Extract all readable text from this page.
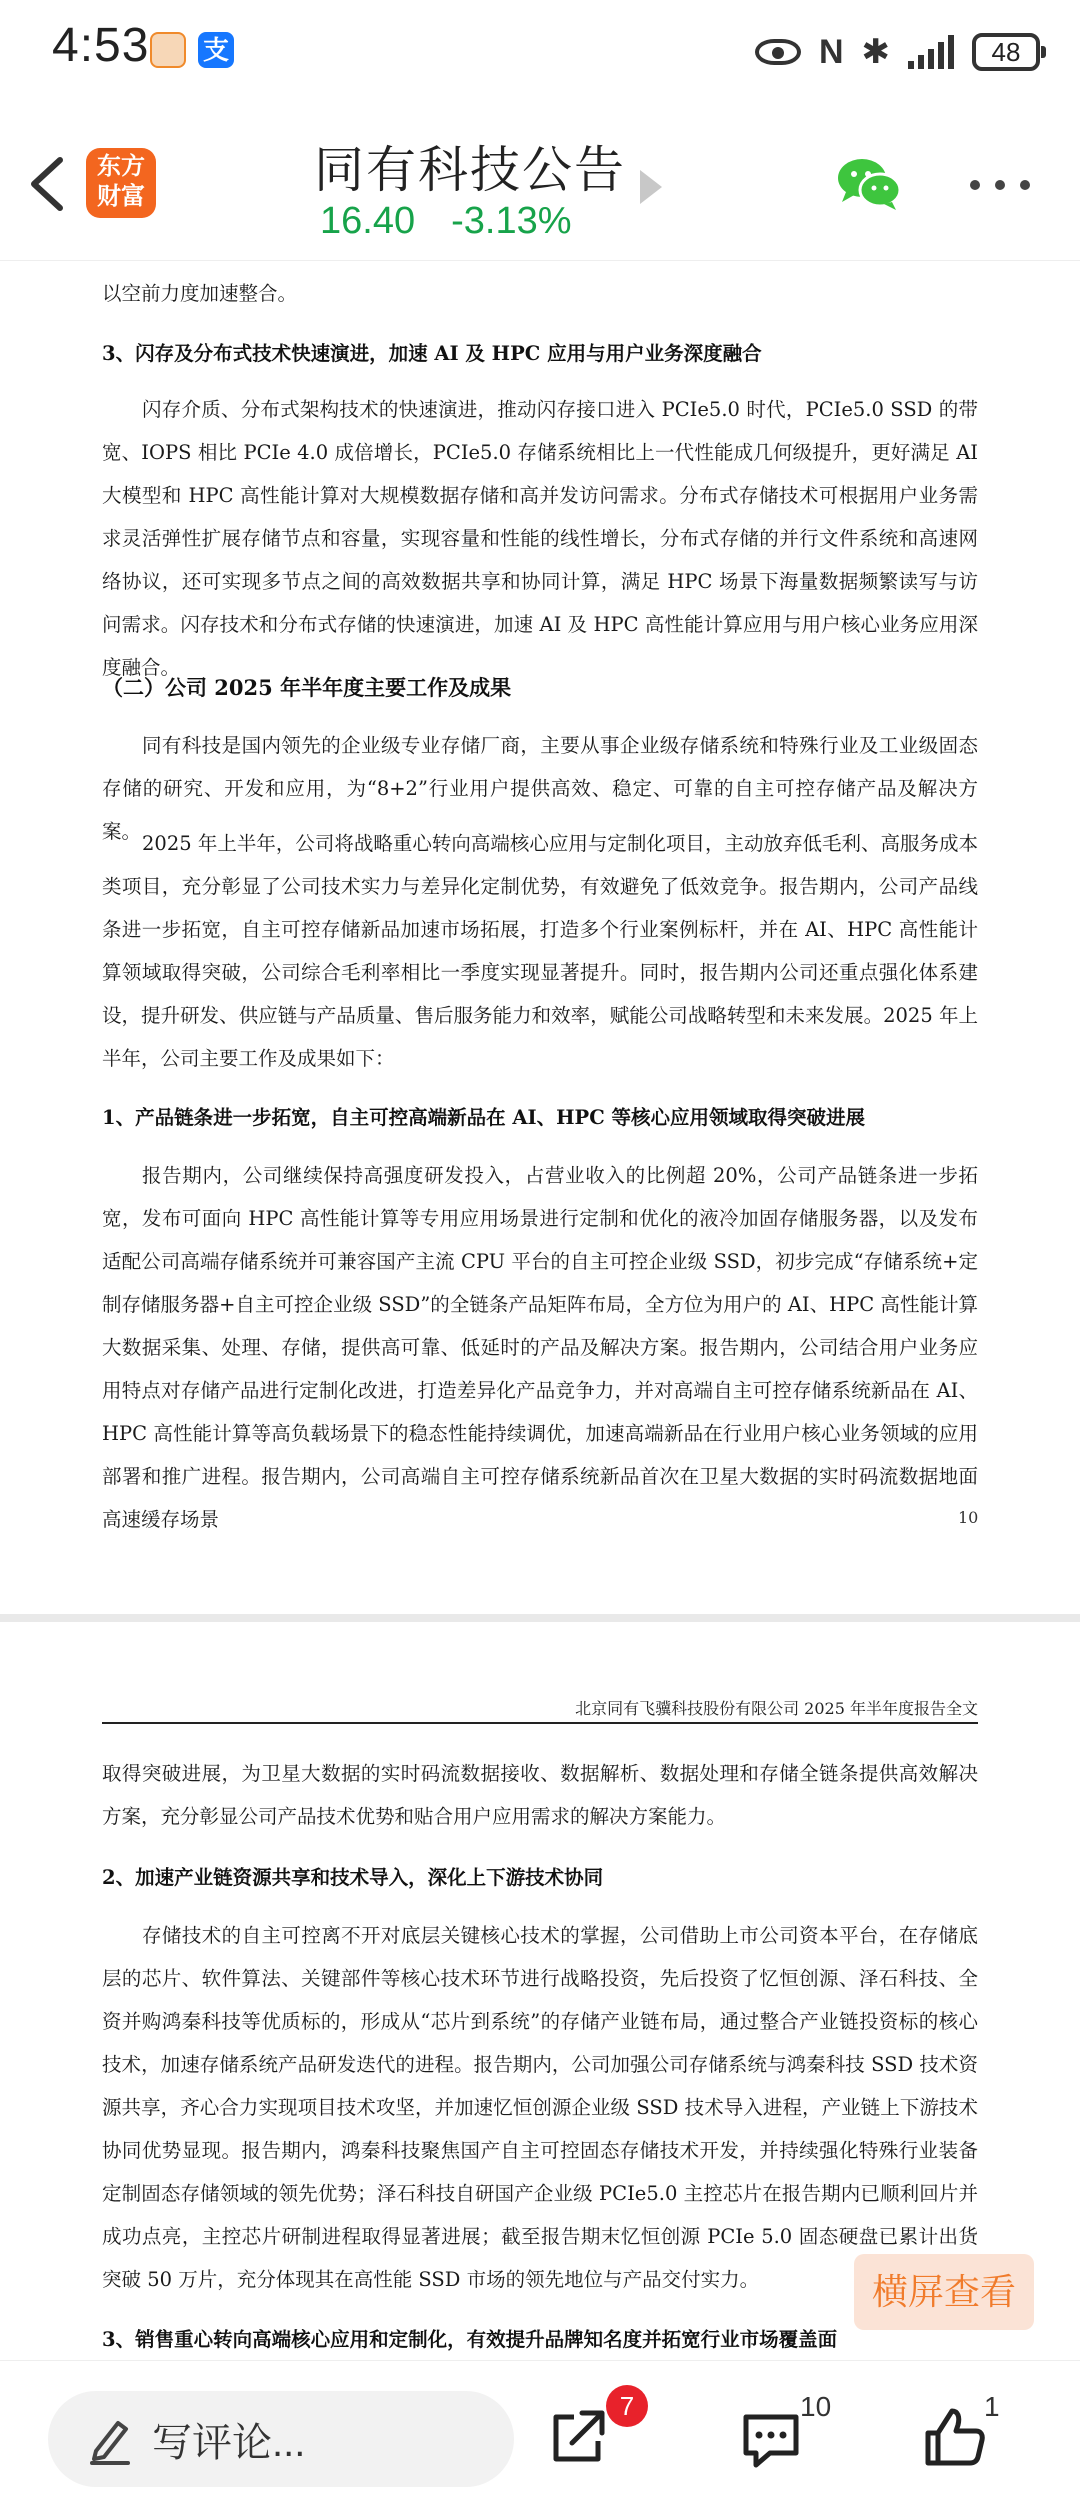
4:53 支	N ✱	48
东方
财富	同有科技公告
16.40 -3.13%
以空前力度加速整合。
3、闪存及分布式技术快速演进，加速 AI 及 HPC 应用与用户业务深度融合
闪存介质、分布式架构技术的快速演进，推动闪存接口进入 PCIe5.0 时代，PCIe5.0 SSD 的带宽、IOPS 相比 PCIe 4.0 成倍增长，PCIe5.0 存储系统相比上一代性能成几何级提升，更好满足 AI 大模型和 HPC 高性能计算对大规模数据存储和高并发访问需求。分布式存储技术可根据用户业务需求灵活弹性扩展存储节点和容量，实现容量和性能的线性增长，分布式存储的并行文件系统和高速网络协议，还可实现多节点之间的高效数据共享和协同计算，满足 HPC 场景下海量数据频繁读写与访问需求。闪存技术和分布式存储的快速演进，加速 AI 及 HPC 高性能计算应用与用户核心业务应用深度融合。
（二）公司 2025 年半年度主要工作及成果
同有科技是国内领先的企业级专业存储厂商，主要从事企业级存储系统和特殊行业及工业级固态存储的研究、开发和应用，为“8+2”行业用户提供高效、稳定、可靠的自主可控存储产品及解决方案。
2025 年上半年，公司将战略重心转向高端核心应用与定制化项目，主动放弃低毛利、高服务成本类项目，充分彰显了公司技术实力与差异化定制优势，有效避免了低效竞争。报告期内，公司产品线条进一步拓宽，自主可控存储新品加速市场拓展，打造多个行业案例标杆，并在 AI、HPC 高性能计算领域取得突破，公司综合毛利率相比一季度实现显著提升。同时，报告期内公司还重点强化体系建设，提升研发、供应链与产品质量、售后服务能力和效率，赋能公司战略转型和未来发展。2025 年上半年，公司主要工作及成果如下：
1、产品链条进一步拓宽，自主可控高端新品在 AI、HPC 等核心应用领域取得突破进展
报告期内，公司继续保持高强度研发投入，占营业收入的比例超 20%，公司产品链条进一步拓宽，发布可面向 HPC 高性能计算等专用应用场景进行定制和优化的液冷加固存储服务器，以及发布适配公司高端存储系统并可兼容国产主流 CPU 平台的自主可控企业级 SSD，初步完成“存储系统+定制存储服务器+自主可控企业级 SSD”的全链条产品矩阵布局，全方位为用户的 AI、HPC 高性能计算大数据采集、处理、存储，提供高可靠、低延时的产品及解决方案。报告期内，公司结合用户业务应用特点对存储产品进行定制化改进，打造差异化产品竞争力，并对高端自主可控存储系统新品在 AI、HPC 高性能计算等高负载场景下的稳态性能持续调优，加速高端新品在行业用户核心业务领域的应用部署和推广进程。报告期内，公司高端自主可控存储系统新品首次在卫星大数据的实时码流数据地面高速缓存场景	10
北京同有飞骥科技股份有限公司 2025 年半年度报告全文
取得突破进展，为卫星大数据的实时码流数据接收、数据解析、数据处理和存储全链条提供高效解决方案，充分彰显公司产品技术优势和贴合用户应用需求的解决方案能力。
2、加速产业链资源共享和技术导入，深化上下游技术协同
存储技术的自主可控离不开对底层关键核心技术的掌握，公司借助上市公司资本平台，在存储底层的芯片、软件算法、关键部件等核心技术环节进行战略投资，先后投资了忆恒创源、泽石科技、全资并购鸿秦科技等优质标的，形成从“芯片到系统”的存储产业链布局，通过整合产业链投资标的核心技术，加速存储系统产品研发迭代的进程。报告期内，公司加强公司存储系统与鸿秦科技 SSD 技术资源共享，齐心合力实现项目技术攻坚，并加速忆恒创源企业级 SSD 技术导入进程，产业链上下游技术协同优势显现。报告期内，鸿秦科技聚焦国产自主可控固态存储技术开发，并持续强化特殊行业装备定制固态存储领域的领先优势；泽石科技自研国产企业级 PCIe5.0 主控芯片在报告期内已顺利回片并成功点亮，主控芯片研制进程取得显著进展；截至报告期末忆恒创源 PCIe 5.0 固态硬盘已累计出货突破 50 万片，充分体现其在高性能 SSD 市场的领先地位与产品交付实力。
3、销售重心转向高端核心应用和定制化，有效提升品牌知名度并拓宽行业市场覆盖面
横屏查看
写评论...
7	10	1
